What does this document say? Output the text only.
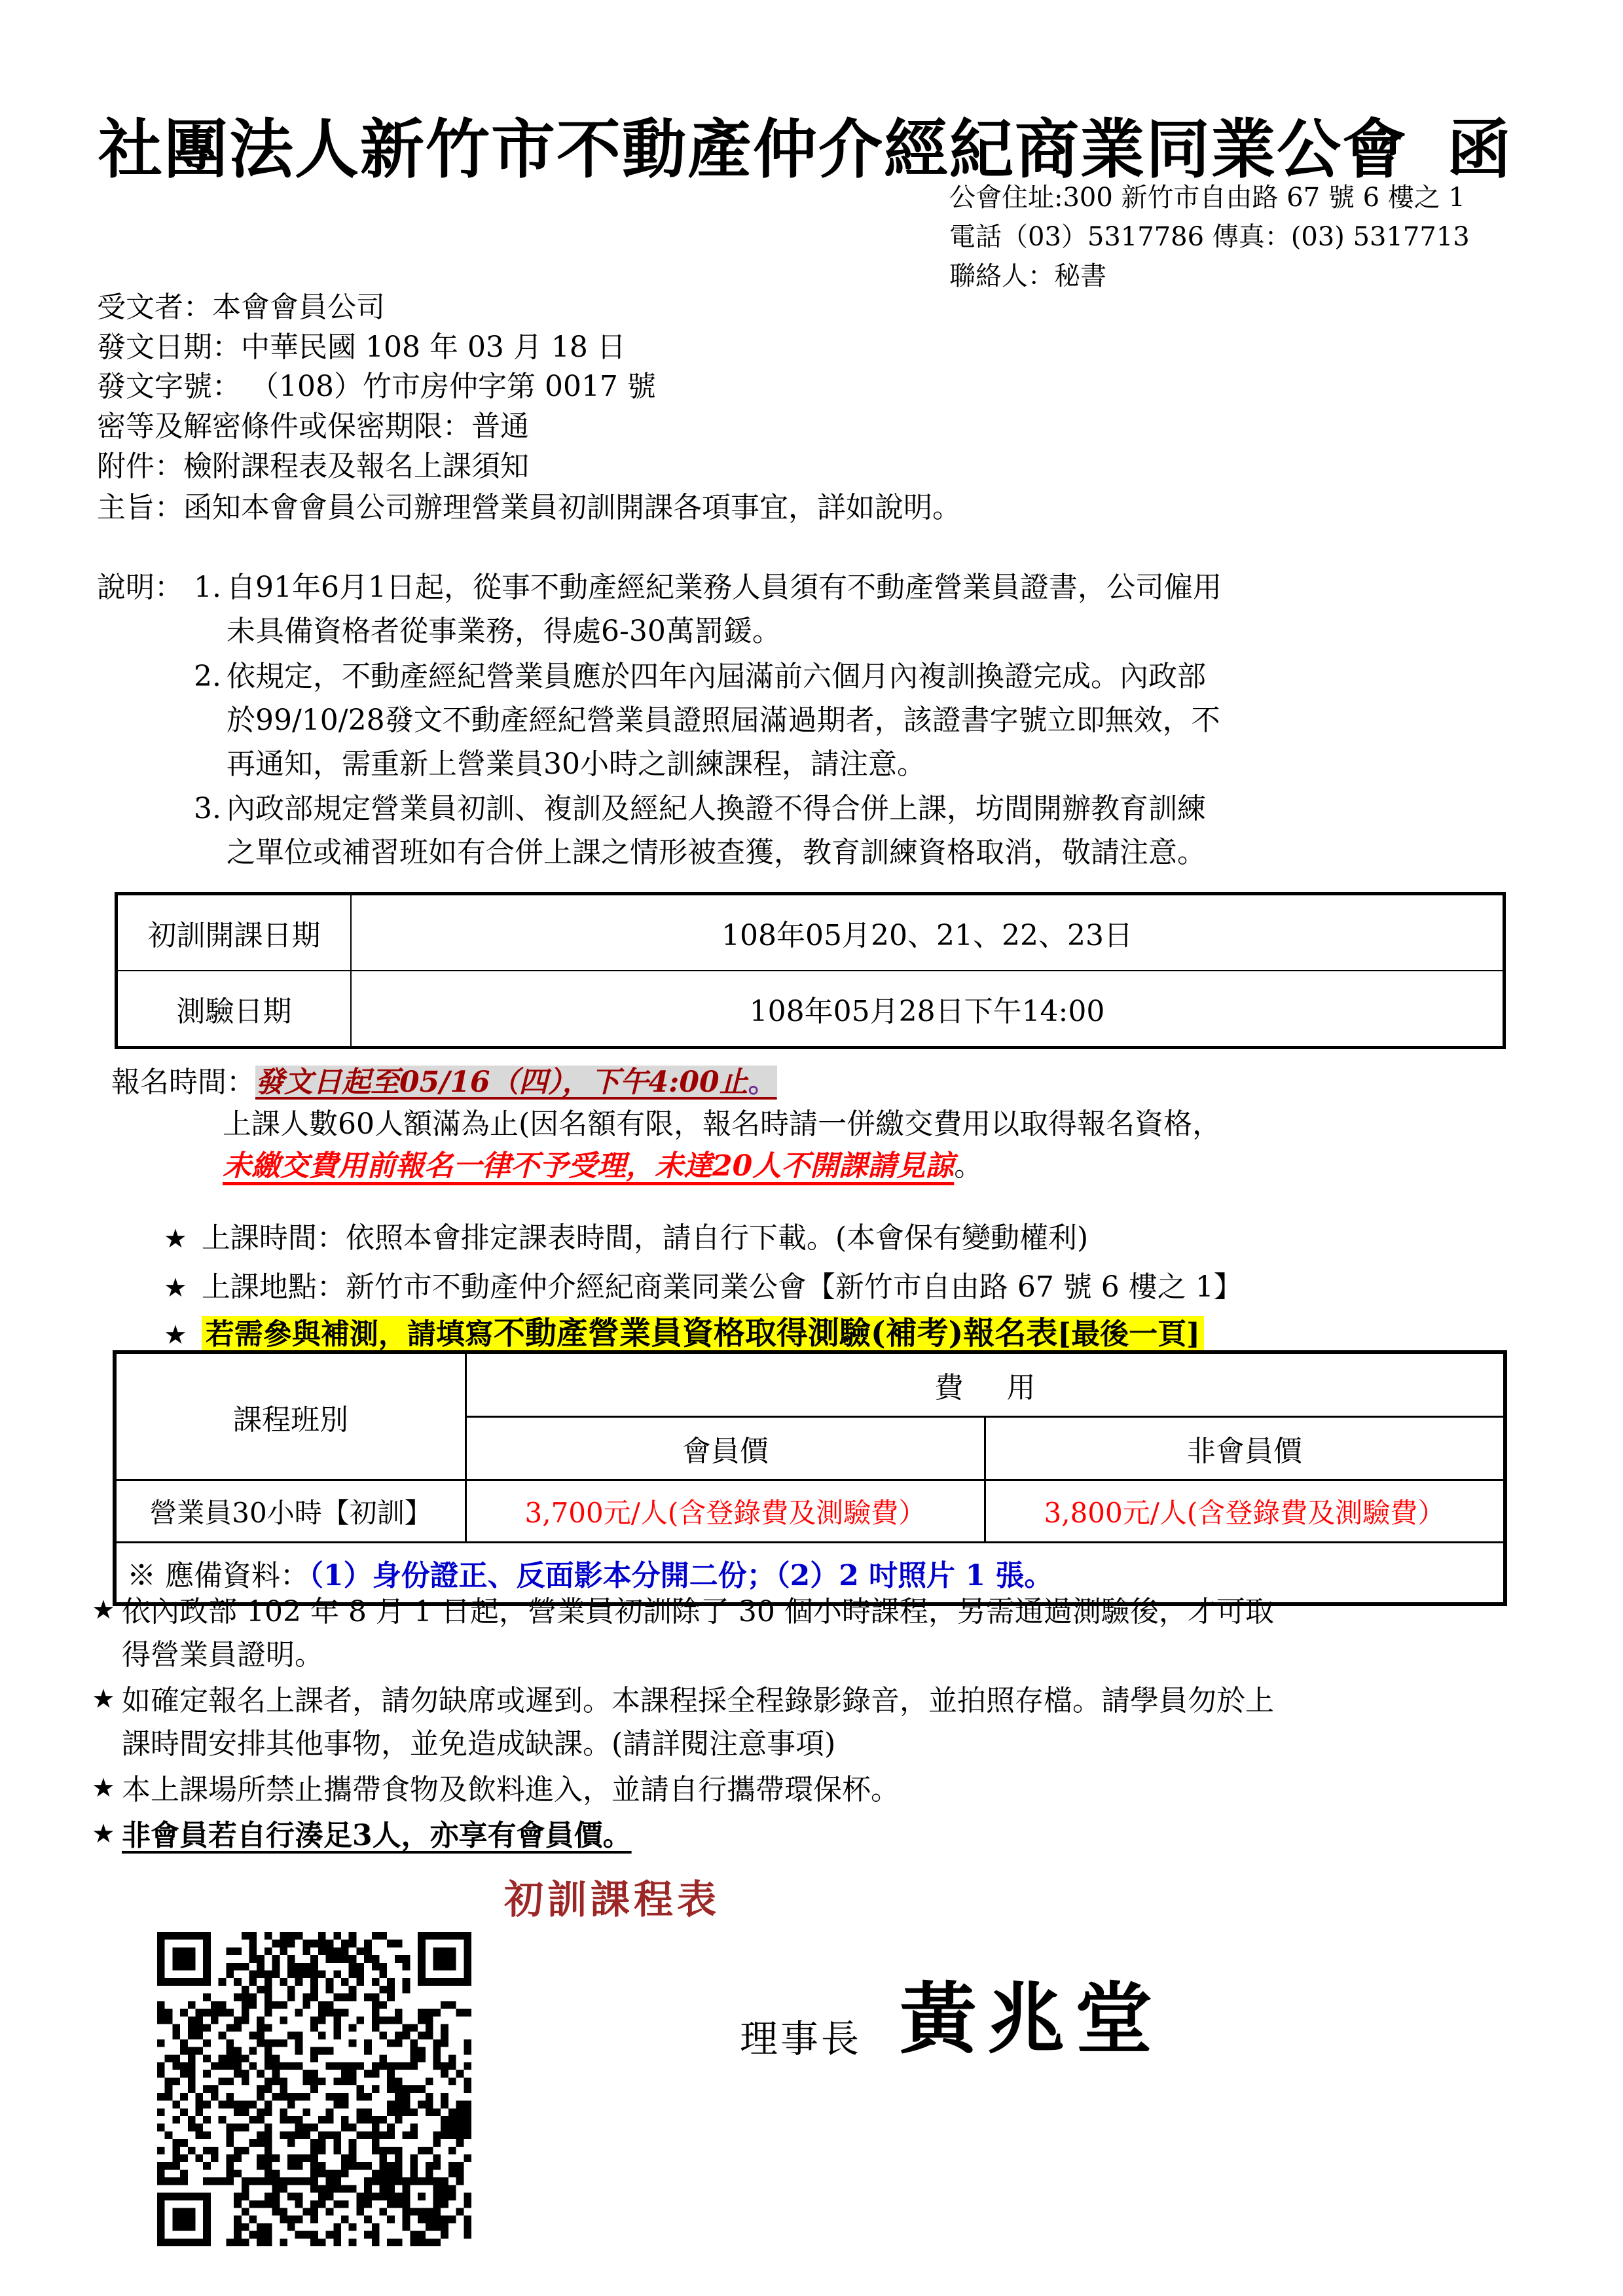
社團法人新竹市不動產仲介經紀商業同業公會 函
公會住址:300 新竹市自由路 67 號 6 樓之 1
電話（03）5317786 傳真：(03) 5317713
聯絡人：秘書
受文者：本會會員公司
發文日期：中華民國 108 年 03 月 18 日
發文字號： （108）竹市房仲字第 0017 號
密等及解密條件或保密期限：普通
附件：檢附課程表及報名上課須知
主旨：函知本會會員公司辦理營業員初訓開課各項事宜，詳如說明。
說明： 1. 自91年6月1日起，從事不動產經紀業務人員須有不動產營業員證書，公司僱用

未具備資格者從事業務，得處6-30萬罰鍰。

2. 依規定，不動產經紀營業員應於四年內屆滿前六個月內複訓換證完成。內政部

於99/10/28發文不動產經紀營業員證照屆滿過期者，該證書字號立即無效，不

再通知，需重新上營業員30小時之訓練課程，請注意。

3. 內政部規定營業員初訓、複訓及經紀人換證不得合併上課，坊間開辦教育訓練

之單位或補習班如有合併上課之情形被查獲，教育訓練資格取消，敬請注意。

初訓開課日期	108年05月20、21、22、23日
測驗日期	108年05月28日下午14:00
報名時間：發文日起至05/16（四），下午4:00止。
上課人數60人額滿為止(因名額有限，報名時請一併繳交費用以取得報名資格，
未繳交費用前報名一律不予受理，未達20人不開課請見諒。
★ 上課時間：依照本會排定課表時間，請自行下載。(本會保有變動權利)
★ 上課地點：新竹市不動產仲介經紀商業同業公會【新竹市自由路 67 號 6 樓之 1】
★ 若需參與補測，請填寫不動產營業員資格取得測驗(補考)報名表[最後一頁]
課程班別	費用	
	會員價	非會員價
營業員30小時【初訓】	3,700元/人(含登錄費及測驗費）	3,800元/人(含登錄費及測驗費）
※ 應備資料：（1）身份證正、反面影本分開二份；（2）2 吋照片 1 張。		
★ 依內政部 102 年 8 月 1 日起，營業員初訓除了 30 個小時課程，另需通過測驗後，才可取

得營業員證明。

★ 如確定報名上課者，請勿缺席或遲到。本課程採全程錄影錄音，並拍照存檔。請學員勿於上

課時間安排其他事物，並免造成缺課。(請詳閱注意事項)

★ 本上課場所禁止攜帶食物及飲料進入，並請自行攜帶環保杯。

★ 非會員若自行湊足3人，亦享有會員價。

初訓課程表
理事長 黃兆堂
